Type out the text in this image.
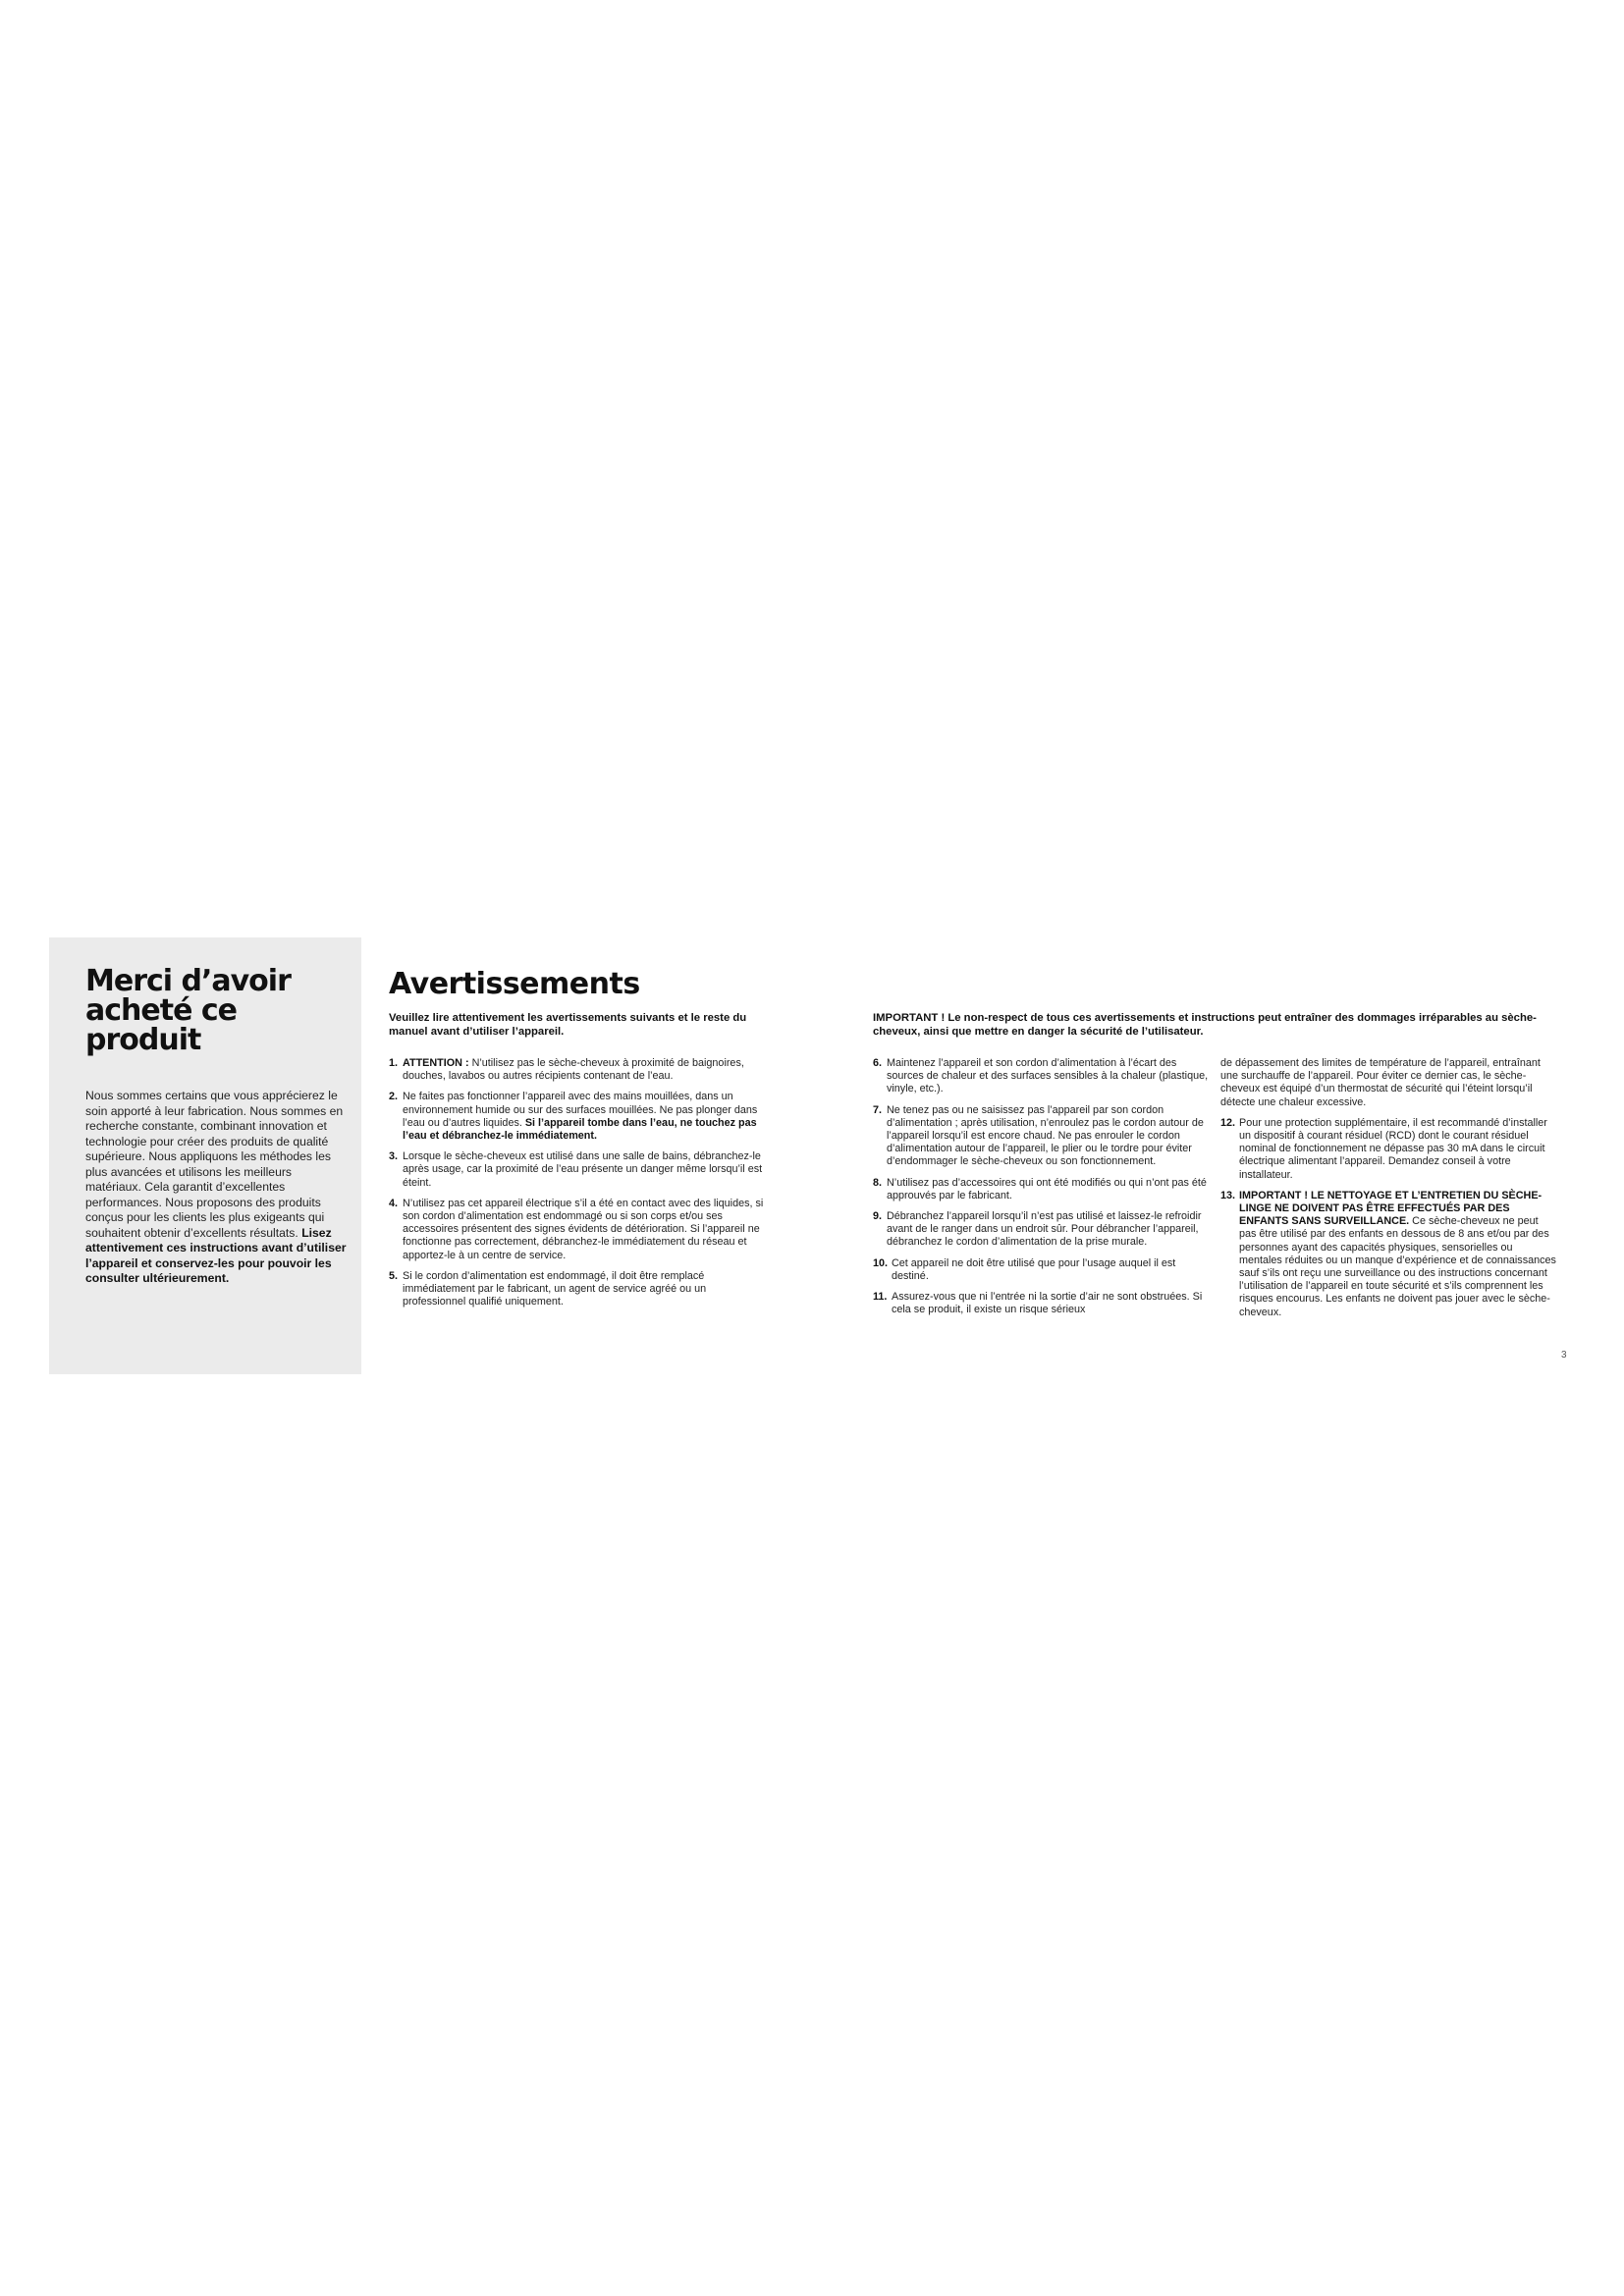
Merci d’avoir
acheté ce
produit

Nous sommes certains que vous apprécierez le soin apporté à leur fabrication. Nous sommes en recherche constante, combinant innovation et technologie pour créer des produits de qualité supérieure. Nous appliquons les méthodes les plus avancées et utilisons les meilleurs matériaux. Cela garantit d’excellentes performances. Nous proposons des produits conçus pour les clients les plus exigeants qui souhaitent obtenir d’excellents résultats. Lisez attentivement ces instructions avant d’utiliser l’appareil et conservez-les pour pouvoir les consulter ultérieurement.

Avertissements

Veuillez lire attentivement les avertissements suivants et le reste du manuel avant d’utiliser l’appareil.

IMPORTANT ! Le non-respect de tous ces avertissements et instructions peut entraîner des dommages irréparables au sèche-cheveux, ainsi que mettre en danger la sécurité de l’utilisateur.

1. ATTENTION : N’utilisez pas le sèche-cheveux à proximité de baignoires, douches, lavabos ou autres récipients contenant de l’eau.
2. Ne faites pas fonctionner l’appareil avec des mains mouillées, dans un environnement humide ou sur des surfaces mouillées. Ne pas plonger dans l’eau ou d’autres liquides. Si l’appareil tombe dans l’eau, ne touchez pas l’eau et débranchez-le immédiatement.
3. Lorsque le sèche-cheveux est utilisé dans une salle de bains, débranchez-le après usage, car la proximité de l’eau présente un danger même lorsqu’il est éteint.
4. N’utilisez pas cet appareil électrique s’il a été en contact avec des liquides, si son cordon d’alimentation est endommagé ou si son corps et/ou ses accessoires présentent des signes évidents de détérioration. Si l’appareil ne fonctionne pas correctement, débranchez-le immédiatement du réseau et apportez-le à un centre de service.
5. Si le cordon d’alimentation est endommagé, il doit être remplacé immédiatement par le fabricant, un agent de service agréé ou un professionnel qualifié uniquement.
6. Maintenez l’appareil et son cordon d’alimentation à l’écart des sources de chaleur et des surfaces sensibles à la chaleur (plastique, vinyle, etc.).
7. Ne tenez pas ou ne saisissez pas l’appareil par son cordon d’alimentation ; après utilisation, n’enroulez pas le cordon autour de l’appareil lorsqu’il est encore chaud. Ne pas enrouler le cordon d’alimentation autour de l’appareil, le plier ou le tordre pour éviter d’endommager le sèche-cheveux ou son fonctionnement.
8. N’utilisez pas d’accessoires qui ont été modifiés ou qui n’ont pas été approuvés par le fabricant.
9. Débranchez l’appareil lorsqu’il n’est pas utilisé et laissez-le refroidir avant de le ranger dans un endroit sûr. Pour débrancher l’appareil, débranchez le cordon d’alimentation de la prise murale.
10. Cet appareil ne doit être utilisé que pour l’usage auquel il est destiné.
11. Assurez-vous que ni l’entrée ni la sortie d’air ne sont obstruées. Si cela se produit, il existe un risque sérieux

de dépassement des limites de température de l’appareil, entraînant une surchauffe de l’appareil. Pour éviter ce dernier cas, le sèche-cheveux est équipé d’un thermostat de sécurité qui l’éteint lorsqu’il détecte une chaleur excessive.

12. Pour une protection supplémentaire, il est recommandé d’installer un dispositif à courant résiduel (RCD) dont le courant résiduel nominal de fonctionnement ne dépasse pas 30 mA dans le circuit électrique alimentant l’appareil. Demandez conseil à votre installateur.
13. IMPORTANT ! LE NETTOYAGE ET L’ENTRETIEN DU SÈCHE-LINGE NE DOIVENT PAS ÊTRE EFFECTUÉS PAR DES ENFANTS SANS SURVEILLANCE. Ce sèche-cheveux ne peut pas être utilisé par des enfants en dessous de 8 ans et/ou par des personnes ayant des capacités physiques, sensorielles ou mentales réduites ou un manque d’expérience et de connaissances sauf s’ils ont reçu une surveillance ou des instructions concernant l’utilisation de l’appareil en toute sécurité et s’ils comprennent les risques encourus. Les enfants ne doivent pas jouer avec le sèche-cheveux.
3
